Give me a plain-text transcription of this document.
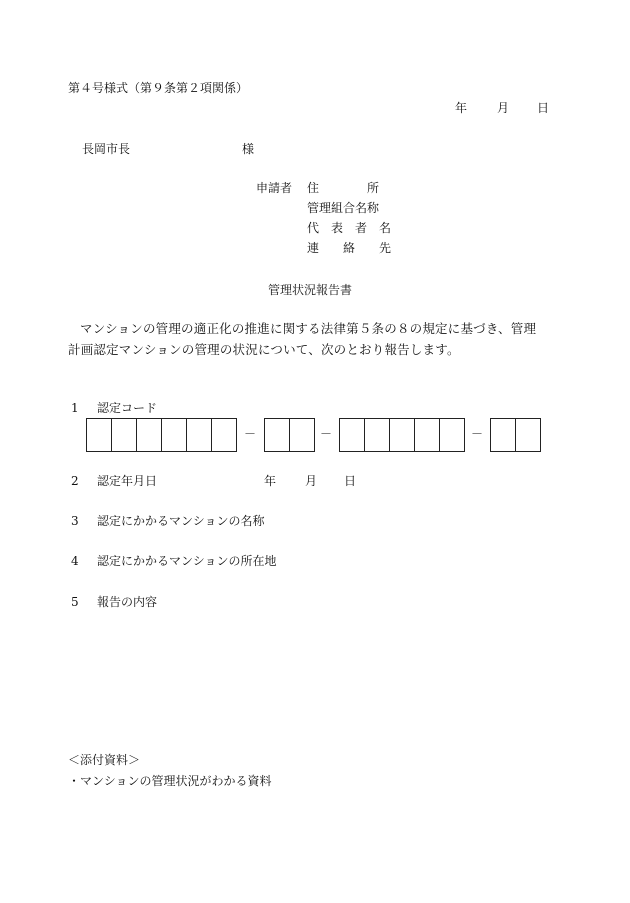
第４号様式（第９条第２項関係）
年 月 日
長岡市長	様
申請者 住　　　　所
管理組合名称
代　表　者　名
連　　絡　　先
管理状況報告書
マンションの管理の適正化の推進に関する法律第５条の８の規定に基づき、管理
計画認定マンションの管理の状況について、次のとおり報告します。
1 認定コード
－	－	－
2 認定年月日	年 月 日
3 認定にかかるマンションの名称
4 認定にかかるマンションの所在地
5 報告の内容
＜添付資料＞
・マンションの管理状況がわかる資料
